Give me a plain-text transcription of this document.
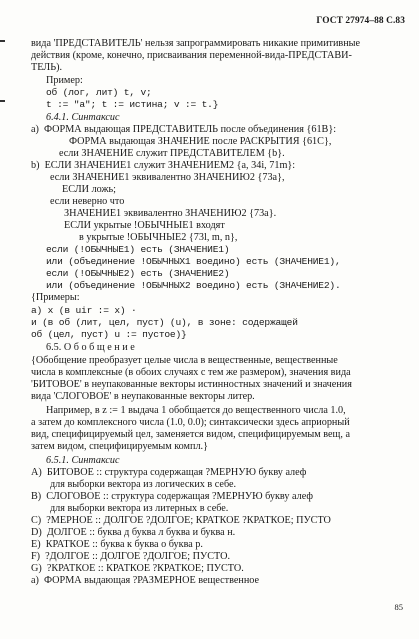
ГОСТ 27974–88 С.83
вида 'ПРЕДСТАВИТЕЛЬ' нельзя запрограммировать никакие примитивные
действия (кроме, конечно, присваивания переменной-вида-ПРЕДСТАВИ-
ТЕЛЬ).
Пример:
об (лог, лит) t, v;
t := "a"; t := истина; v := t.}
6.4.1. Синтаксис
а)  ФОРМА выдающая ПРЕДСТАВИТЕЛЬ после объединения {61B}:
ФОРМА выдающая ЗНАЧЕНИЕ после РАСКРЫТИЯ {61C},
если ЗНАЧЕНИЕ служит ПРЕДСТАВИТЕЛЕМ {b}.
b)  ЕСЛИ ЗНАЧЕНИЕ1 служит ЗНАЧЕНИЕМ2 {a, 34i, 71m}:
если ЗНАЧЕНИЕ1 эквивалентно ЗНАЧЕНИЮ2 {73a},
ЕСЛИ ложь;
если неверно что
ЗНАЧЕНИЕ1 эквивалентно ЗНАЧЕНИЮ2 {73a}.
ЕСЛИ укрытые !ОБЫЧНЫЕ1 входят
в укрытые !ОБЫЧНЫЕ2 {73l, m, n},
если (!ОБЫЧНЫЕ1) есть (ЗНАЧЕНИЕ1)
или (объединение !ОБЫЧНЫХ1 воедино) есть (ЗНАЧЕНИЕ1),
если (!ОБЫЧНЫЕ2) есть (ЗНАЧЕНИЕ2)
или (объединение !ОБЫЧНЫХ2 воедино) есть (ЗНАЧЕНИЕ2).
{Примеры:
а) x (в uir := x) ·
и (в об (лит, цел, пуст) (u), в зоне: содержащей
об (цел, пуст) u := пустое)}
6.5. О б о б щ е н и е
{Обобщение преобразует целые числа в вещественные, вещественные
числа в комплексные (в обоих случаях с тем же размером), значения вида
'БИТОВОЕ' в неупакованные векторы истинностных значений и значения
вида 'СЛОГОВОЕ' в неупакованные векторы литер.
Например, в z := 1 выдача 1 обобщается до вещественного числа 1.0,
а затем до комплексного числа (1.0, 0.0); синтаксически здесь априорный
вид, специфицируемый цел, заменяется видом, специфицируемым вещ, а
затем видом, специфицируемым компл.}
6.5.1. Синтаксис
A)  БИТОВОЕ :: структура содержащая ?МЕРНУЮ букву алеф
для выборки вектора из логических в себе.
B)  СЛОГОВОЕ :: структура содержащая ?МЕРНУЮ букву алеф
для выборки вектора из литерных в себе.
C)  ?МЕРНОЕ :: ДОЛГОЕ ?ДОЛГОЕ; КРАТКОЕ ?КРАТКОЕ; ПУСТО
D)  ДОЛГОЕ :: буква д буква л буква и буква н.
E)  КРАТКОЕ :: буква к буква о буква р.
F)  ?ДОЛГОЕ :: ДОЛГОЕ ?ДОЛГОЕ; ПУСТО.
G)  ?КРАТКОЕ :: КРАТКОЕ ?КРАТКОЕ; ПУСТО.
а)  ФОРМА выдающая ?РАЗМЕРНОЕ вещественное
85
